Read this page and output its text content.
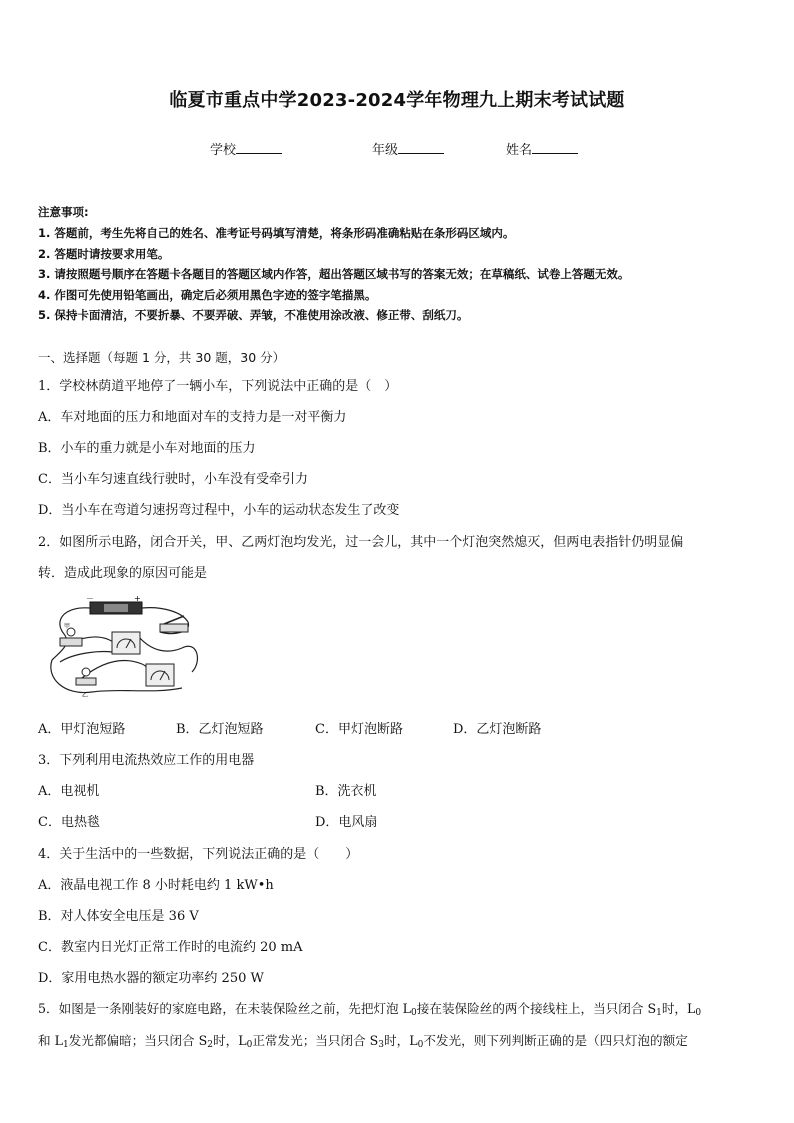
临夏市重点中学2023-2024学年物理九上期末考试试题
学校	年级	姓名
注意事项:
1. 答题前，考生先将自己的姓名、准考证号码填写清楚，将条形码准确粘贴在条形码区域内。
2. 答题时请按要求用笔。
3. 请按照题号顺序在答题卡各题目的答题区域内作答，超出答题区域书写的答案无效；在草稿纸、试卷上答题无效。
4. 作图可先使用铅笔画出，确定后必须用黑色字迹的签字笔描黑。
5. 保持卡面清洁，不要折暴、不要弄破、弄皱，不准使用涂改液、修正带、刮纸刀。
一、选择题（每题 1 分，共 30 题，30 分）
1．学校林荫道平地停了一辆小车，下列说法中正确的是（　）
A．车对地面的压力和地面对车的支持力是一对平衡力
B．小车的重力就是小车对地面的压力
C．当小车匀速直线行驶时，小车没有受牵引力
D．当小车在弯道匀速拐弯过程中，小车的运动状态发生了改变
2．如图所示电路，闭合开关，甲、乙两灯泡均发光，过一会儿，其中一个灯泡突然熄灭，但两电表指针仍明显偏
转．造成此现象的原因可能是
－	+
甲
乙
A．甲灯泡短路	B．乙灯泡短路	C．甲灯泡断路	D．乙灯泡断路
3．下列利用电流热效应工作的用电器
A．电视机	B．洗衣机
C．电热毯	D．电风扇
4．关于生活中的一些数据，下列说法正确的是（　　）
A．液晶电视工作 8 小时耗电约 1 kW•h
B．对人体安全电压是 36 V
C．教室内日光灯正常工作时的电流约 20 mA
D．家用电热水器的额定功率约 250 W
5．如图是一条刚装好的家庭电路，在未装保险丝之前，先把灯泡 $L_0$接在装保险丝的两个接线柱上，当只闭合 $S_1$时，$L_0$
和 $L_1$发光都偏暗；当只闭合 $S_2$时，$L_0$正常发光；当只闭合 $S_3$时，$L_0$不发光，则下列判断正确的是（四只灯泡的额定
